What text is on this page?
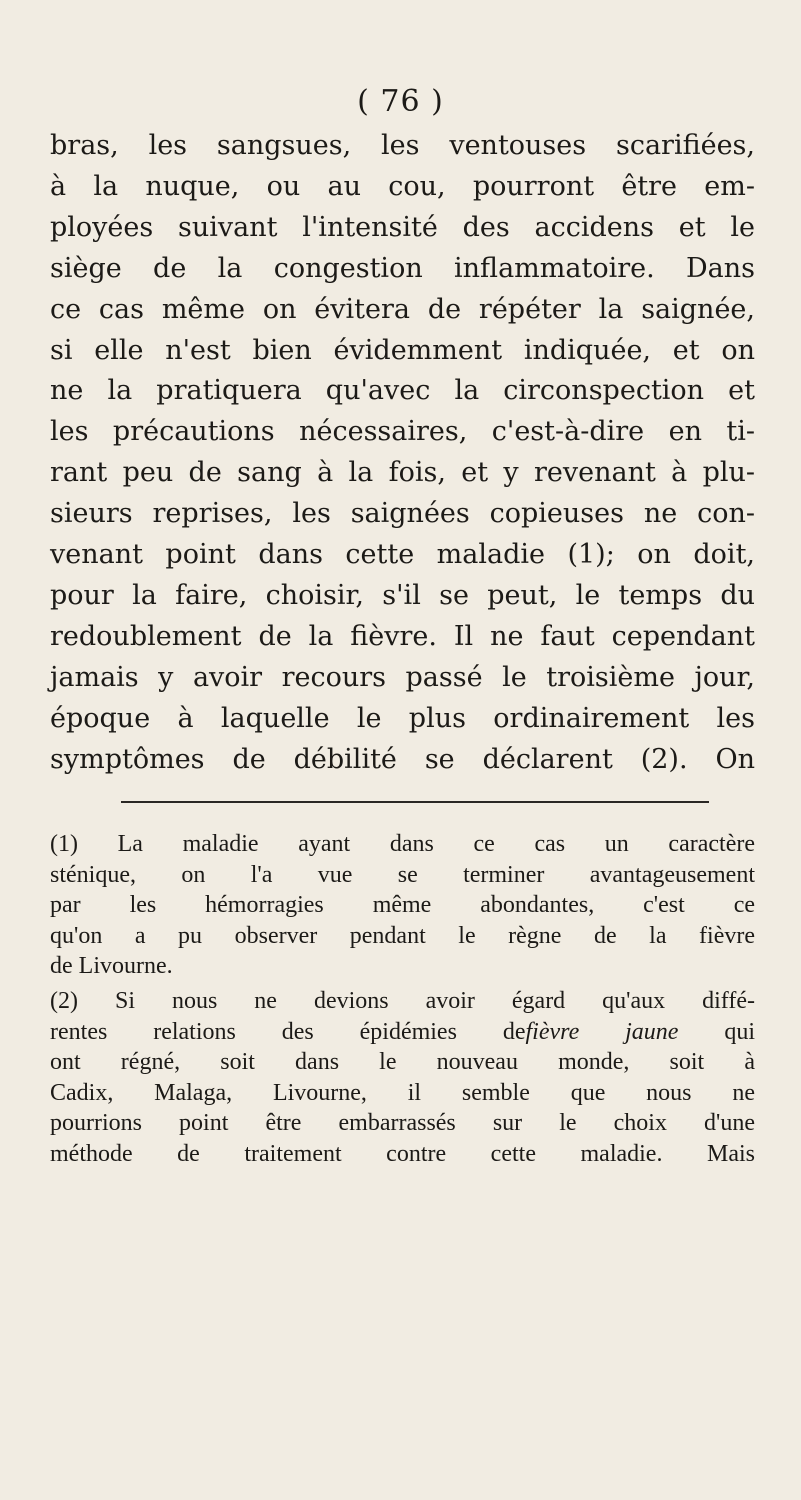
( 76 )
bras, les sangsues, les ventouses scarifiées,
à la nuque, ou au cou, pourront être em-
ployées suivant l'intensité des accidens et le
siège de la congestion inflammatoire. Dans
ce cas même on évitera de répéter la saignée,
si elle n'est bien évidemment indiquée, et on
ne la pratiquera qu'avec la circonspection et
les précautions nécessaires, c'est-à-dire en ti-
rant peu de sang à la fois, et y revenant à plu-
sieurs reprises, les saignées copieuses ne con-
venant point dans cette maladie (1); on doit,
pour la faire, choisir, s'il se peut, le temps du
redoublement de la fièvre. Il ne faut cependant
jamais y avoir recours passé le troisième jour,
époque à laquelle le plus ordinairement les
symptômes de débilité se déclarent (2). On
(1) La maladie ayant dans ce cas un caractère
sténique, on l'a vue se terminer avantageusement
par les hémorragies même abondantes, c'est ce
qu'on a pu observer pendant le règne de la fièvre
de Livourne.
(2) Si nous ne devions avoir égard qu'aux diffé-
rentes relations des épidémies defièvre jaune qui
ont régné, soit dans le nouveau monde, soit à
Cadix, Malaga, Livourne, il semble que nous ne
pourrions point être embarrassés sur le choix d'une
méthode de traitement contre cette maladie. Mais
